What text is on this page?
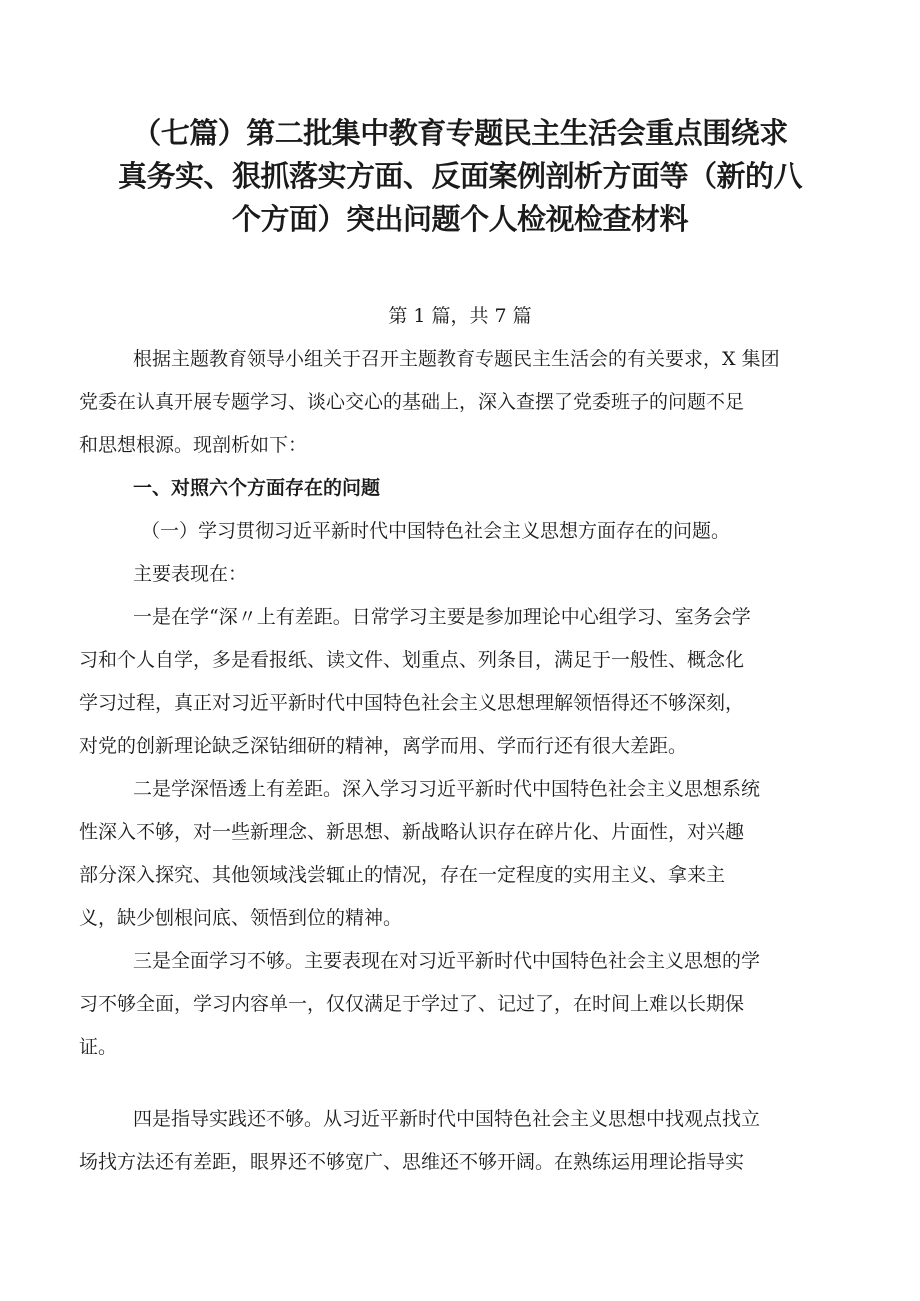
（七篇）第二批集中教育专题民主生活会重点围绕求
真务实、狠抓落实方面、反面案例剖析方面等（新的八
个方面）突出问题个人检视检查材料
第 1 篇，共 7 篇
根据主题教育领导小组关于召开主题教育专题民主生活会的有关要求，X 集团
党委在认真开展专题学习、谈心交心的基础上，深入查摆了党委班子的问题不足
和思想根源。现剖析如下：
一、对照六个方面存在的问题
（一）学习贯彻习近平新时代中国特色社会主义思想方面存在的问题。
主要表现在：
一是在学“深〃上有差距。日常学习主要是参加理论中心组学习、室务会学
习和个人自学，多是看报纸、读文件、划重点、列条目，满足于一般性、概念化
学习过程，真正对习近平新时代中国特色社会主义思想理解领悟得还不够深刻，
对党的创新理论缺乏深钻细研的精神，离学而用、学而行还有很大差距。
二是学深悟透上有差距。深入学习习近平新时代中国特色社会主义思想系统
性深入不够，对一些新理念、新思想、新战略认识存在碎片化、片面性，对兴趣
部分深入探究、其他领域浅尝辄止的情况，存在一定程度的实用主义、拿来主
义，缺少刨根问底、领悟到位的精神。
三是全面学习不够。主要表现在对习近平新时代中国特色社会主义思想的学
习不够全面，学习内容单一，仅仅满足于学过了、记过了，在时间上难以长期保
证。
四是指导实践还不够。从习近平新时代中国特色社会主义思想中找观点找立
场找方法还有差距，眼界还不够宽广、思维还不够开阔。在熟练运用理论指导实
